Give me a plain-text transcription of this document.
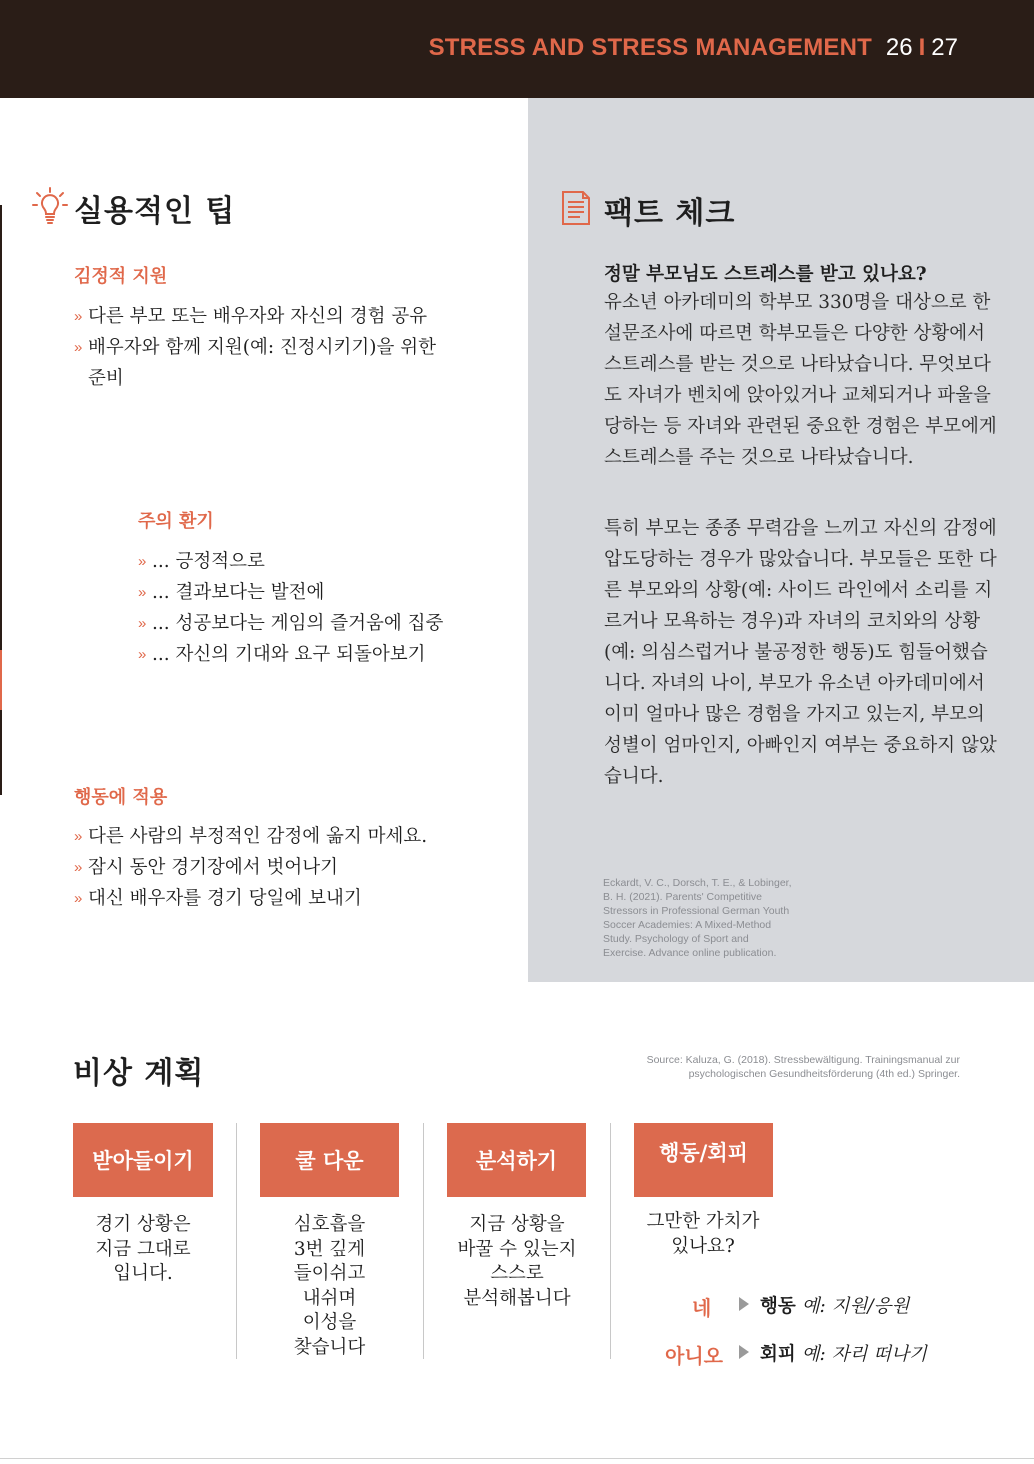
STRESS AND STRESS MANAGEMENT 26 I 27
실용적인 팁
김정적 지원
» 다른 부모 또는 배우자와 자신의 경험 공유
» 배우자와 함께 지원(예: 진정시키기)을 위한 준비
주의 환기
» ... 긍정적으로
» ... 결과보다는 발전에
» ... 성공보다는 게임의 즐거움에 집중
» ... 자신의 기대와 요구 되돌아보기
행동에 적용
» 다른 사람의 부정적인 감정에 옮지 마세요.
» 잠시 동안 경기장에서 벗어나기
» 대신 배우자를 경기 당일에 보내기
팩트 체크
정말 부모님도 스트레스를 받고 있나요?

유소년 아카데미의 학부모 330명을 대상으로 한 설문조사에 따르면 학부모들은 다양한 상황에서 스트레스를 받는 것으로 나타났습니다. 무엇보다도 자녀가 벤치에 앉아있거나 교체되거나 파울을 당하는 등 자녀와 관련된 중요한 경험은 부모에게 스트레스를 주는 것으로 나타났습니다.

특히 부모는 종종 무력감을 느끼고 자신의 감정에 압도당하는 경우가 많았습니다. 부모들은 또한 다른 부모와의 상황(예: 사이드 라인에서 소리를 지르거나 모욕하는 경우)과 자녀의 코치와의 상황(예: 의심스럽거나 불공정한 행동)도 힘들어했습니다. 자녀의 나이, 부모가 유소년 아카데미에서 이미 얼마나 많은 경험을 가지고 있는지, 부모의 성별이 엄마인지, 아빠인지 여부는 중요하지 않았습니다.

Eckardt, V. C., Dorsch, T. E., & Lobinger, B. H. (2021). Parents' Competitive Stressors in Professional German Youth Soccer Academies: A Mixed-Method Study. Psychology of Sport and Exercise. Advance online publication.
비상 계획	Source: Kaluza, G. (2018). Stressbewältigung. Trainingsmanual zur psychologischen Gesundheitsförderung (4th ed.) Springer.
받아들이기	쿨 다운	분석하기	행동/회피
경기 상황은
지금 그대로
입니다.
심호흡을
3번 깊게
들이쉬고
내쉬며
이성을
찾습니다
지금 상황을
바꿀 수 있는지
스스로
분석해봅니다
그만한 가치가
있나요?
네	행동 예: 지원/응원
아니오 회피 예: 자리 떠나기
